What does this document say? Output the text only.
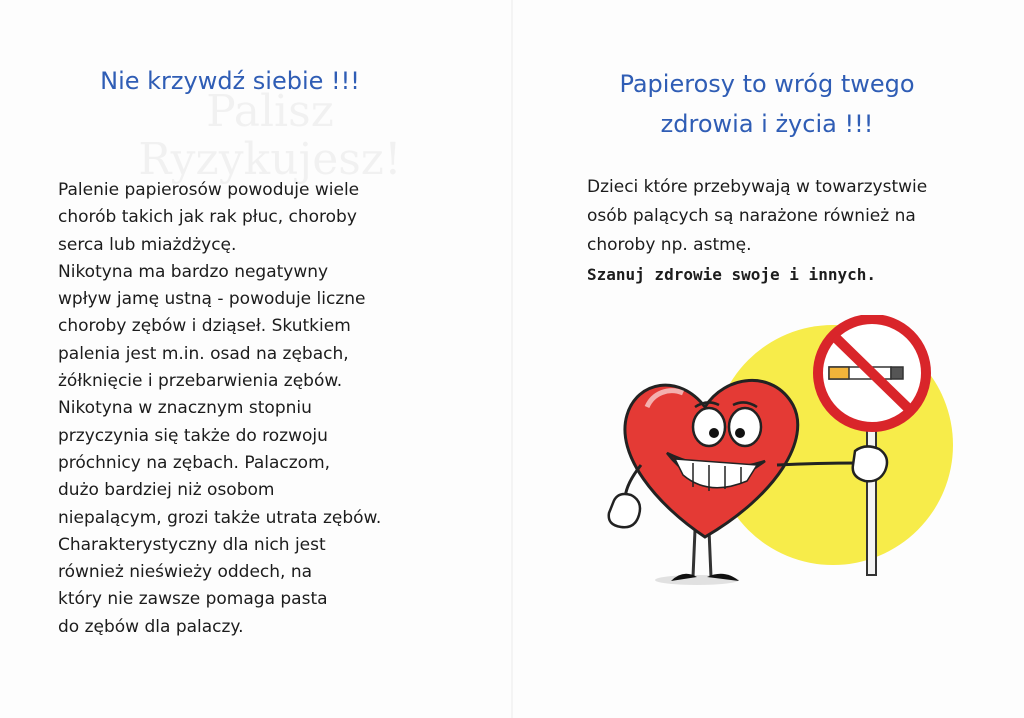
Nie krzywdź siebie !!!

Palenie papierosów powoduje wiele
chorób takich jak rak płuc, choroby
serca lub miażdżycę.
Nikotyna ma bardzo negatywny
wpływ jamę ustną - powoduje liczne
choroby zębów i dziąseł. Skutkiem
palenia jest m.in. osad na zębach,
żółknięcie i przebarwienia zębów.
Nikotyna w znacznym stopniu
przyczynia się także do rozwoju
próchnicy na zębach. Palaczom,
dużo bardziej niż osobom
niepalącym, grozi także utrata zębów.
Charakterystyczny dla nich jest
również nieświeży oddech, na
który nie zawsze pomaga pasta
do zębów dla palaczy.

Papierosy to wróg twego
zdrowia i życia !!!

Dzieci które przebywają w towarzystwie
osób palących są narażone również na
choroby np. astmę.
Szanuj zdrowie swoje i innych.
